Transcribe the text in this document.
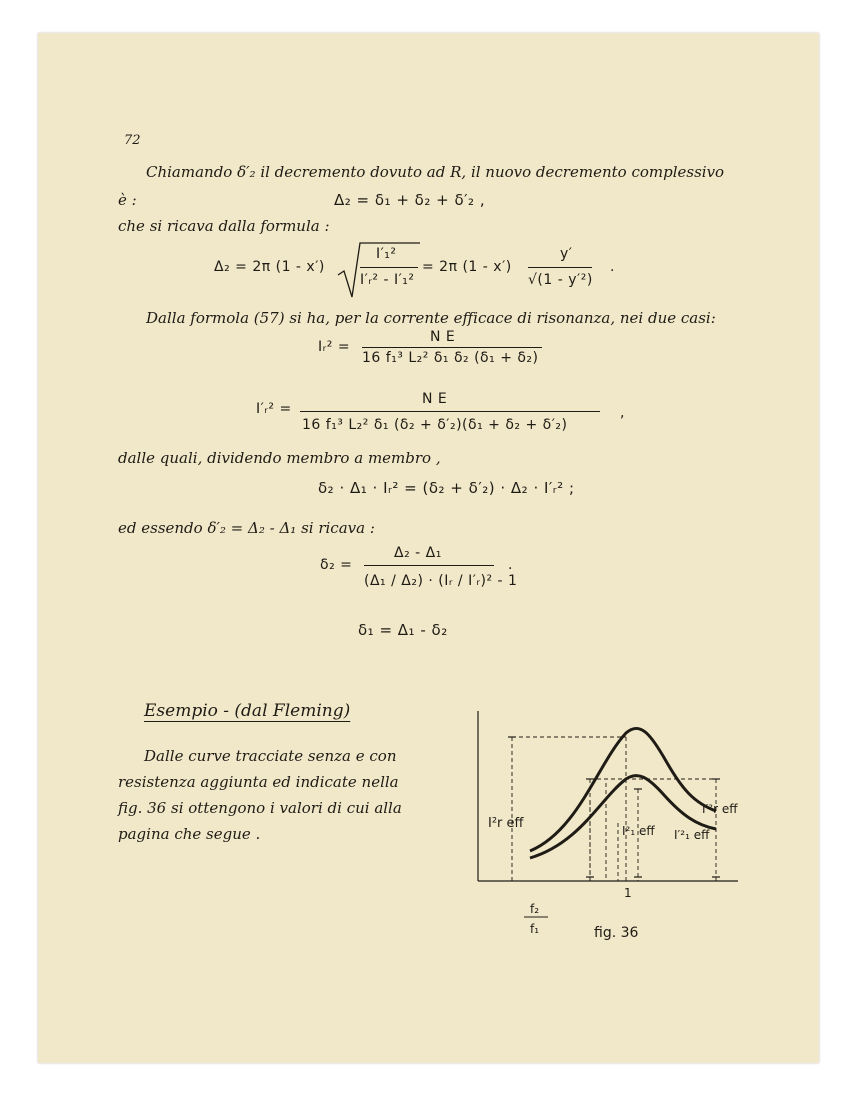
72
Chiamando δ′₂ il decremento dovuto ad R, il nuovo decremento complessivo
è :	Δ₂ = δ₁ + δ₂ + δ′₂ ,
che si ricava dalla formula :
Δ₂ = 2π (1 - x′)
I′₁²
I′ᵣ² - I′₁²
= 2π (1 - x′)
y′
√(1 - y′²)
.
Dalla formola (57) si ha, per la corrente efficace di risonanza, nei due casi:
Iᵣ² =
N E
16 f₁³ L₂² δ₁ δ₂ (δ₁ + δ₂)
I′ᵣ² =
N E
16 f₁³ L₂² δ₁ (δ₂ + δ′₂)(δ₁ + δ₂ + δ′₂)
,
dalle quali, dividendo membro a membro ,
δ₂ · Δ₁ · Iᵣ² = (δ₂ + δ′₂) · Δ₂ · I′ᵣ² ;
ed essendo δ′₂ = Δ₂ - Δ₁ si ricava :
δ₂ =
Δ₂ - Δ₁
(Δ₁ / Δ₂) · (Iᵣ / I′ᵣ)² - 1
.
δ₁ = Δ₁ - δ₂
Esempio - (dal Fleming)
Dalle curve tracciate senza e con
resistenza aggiunta ed indicate nella
fig. 36 si ottengono i valori di cui alla
pagina che segue .
I²r eff	I²₁ eff I′²₁ eff
I′²r eff
1
f₂
f₁	fig. 36
